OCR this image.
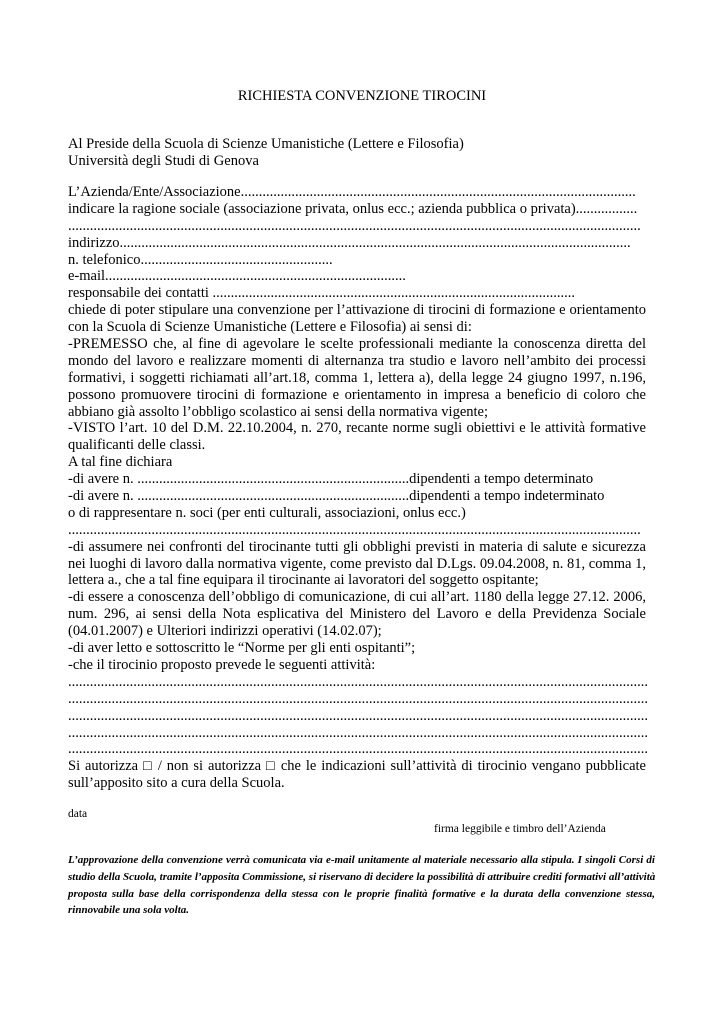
RICHIESTA CONVENZIONE TIROCINI
Al Preside della Scuola di Scienze Umanistiche (Lettere e Filosofia)
Università degli Studi di Genova
L’Azienda/Ente/Associazione.............................................................................................................
indicare la ragione sociale (associazione privata, onlus ecc.; azienda pubblica o privata).................
..............................................................................................................................................................
indirizzo.............................................................................................................................................
n. telefonico.....................................................
e-mail...................................................................................
responsabile dei contatti ....................................................................................................
chiede di poter stipulare una convenzione per l’attivazione di tirocini di formazione e orientamento
con la Scuola di Scienze Umanistiche (Lettere e Filosofia) ai sensi di:
-PREMESSO che, al fine di agevolare le scelte professionali mediante la conoscenza diretta del
mondo del lavoro e realizzare momenti di alternanza tra studio e lavoro nell’ambito dei processi
formativi, i soggetti richiamati all’art.18, comma 1, lettera a), della legge 24 giugno 1997, n.196,
possono promuovere tirocini di formazione e orientamento in impresa a beneficio di coloro che
abbiano già assolto l’obbligo scolastico ai sensi della normativa vigente;
-VISTO l’art. 10 del D.M. 22.10.2004, n. 270, recante norme sugli obiettivi e le attività formative
qualificanti delle classi.
A tal fine dichiara
-di avere n. ...........................................................................dipendenti a tempo determinato
-di avere n. ...........................................................................dipendenti a tempo indeterminato
o di rappresentare n. soci (per enti culturali, associazioni, onlus ecc.)
..............................................................................................................................................................
-di assumere nei confronti del tirocinante tutti gli obblighi previsti in materia di salute e sicurezza
nei luoghi di lavoro dalla normativa vigente, come previsto dal D.Lgs. 09.04.2008, n. 81, comma 1,
lettera a., che a tal fine equipara il tirocinante ai lavoratori del soggetto ospitante;
-di essere a conoscenza dell’obbligo di comunicazione, di cui all’art. 1180 della legge 27.12. 2006,
num. 296, ai sensi della Nota esplicativa del Ministero del Lavoro e della Previdenza Sociale
(04.01.2007) e Ulteriori indirizzi operativi (14.02.07);
-di aver letto e sottoscritto le “Norme per gli enti ospitanti”;
-che il tirocinio proposto prevede le seguenti attività:
................................................................................................................................................................
................................................................................................................................................................
................................................................................................................................................................
................................................................................................................................................................
................................................................................................................................................................
Si autorizza □ / non si autorizza □ che le indicazioni sull’attività di tirocinio vengano pubblicate
sull’apposito sito a cura della Scuola.
data
firma leggibile e timbro dell’Azienda
L’approvazione della convenzione verrà comunicata via e-mail unitamente al materiale necessario alla stipula. I singoli Corsi di
studio della Scuola, tramite l’apposita Commissione, si riservano di decidere la possibilità di attribuire crediti formativi all’attività
proposta sulla base della corrispondenza della stessa con le proprie finalità formative e la durata della convenzione stessa,
rinnovabile una sola volta.
